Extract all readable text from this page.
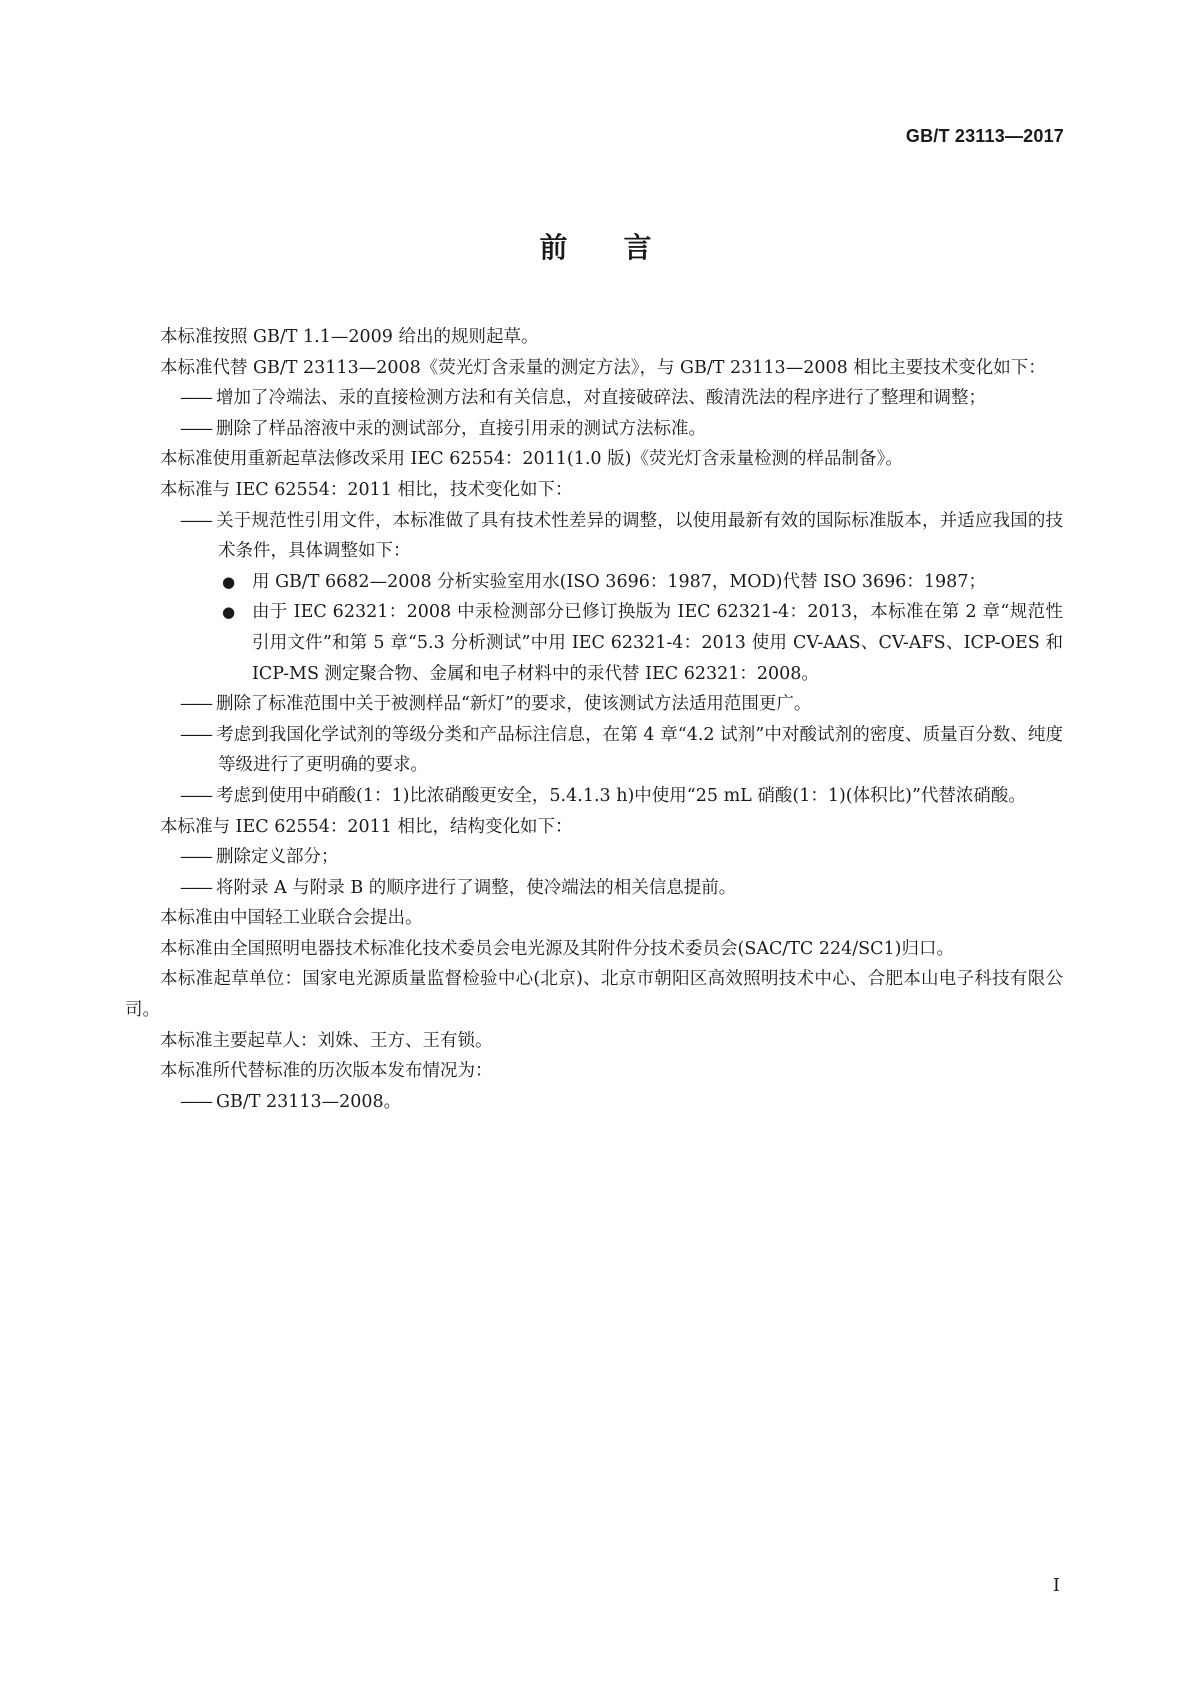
GB/T 23113—2017
前 言

本标准按照 GB/T 1.1—2009 给出的规则起草。

本标准代替 GB/T 23113—2008《荧光灯含汞量的测定方法》，与 GB/T 23113—2008 相比主要技术变化如下：

——增加了冷端法、汞的直接检测方法和有关信息，对直接破碎法、酸清洗法的程序进行了整理和调整；

——删除了样品溶液中汞的测试部分，直接引用汞的测试方法标准。

本标准使用重新起草法修改采用 IEC 62554：2011(1.0 版)《荧光灯含汞量检测的样品制备》。

本标准与 IEC 62554：2011 相比，技术变化如下：

——关于规范性引用文件，本标准做了具有技术性差异的调整，以使用最新有效的国际标准版本，并适应我国的技术条件，具体调整如下：

● 用 GB/T 6682—2008 分析实验室用水(ISO 3696：1987，MOD)代替 ISO 3696：1987；

● 由于 IEC 62321：2008 中汞检测部分已修订换版为 IEC 62321-4：2013，本标准在第 2 章“规范性引用文件”和第 5 章“5.3 分析测试”中用 IEC 62321-4：2013 使用 CV-AAS、CV-AFS、ICP-OES 和 ICP-MS 测定聚合物、金属和电子材料中的汞代替 IEC 62321：2008。

——删除了标准范围中关于被测样品“新灯”的要求，使该测试方法适用范围更广。

——考虑到我国化学试剂的等级分类和产品标注信息，在第 4 章“4.2 试剂”中对酸试剂的密度、质量百分数、纯度等级进行了更明确的要求。

——考虑到使用中硝酸(1：1)比浓硝酸更安全，5.4.1.3 h)中使用“25 mL 硝酸(1：1)(体积比)”代替浓硝酸。

本标准与 IEC 62554：2011 相比，结构变化如下：

——删除定义部分；

——将附录 A 与附录 B 的顺序进行了调整，使冷端法的相关信息提前。

本标准由中国轻工业联合会提出。

本标准由全国照明电器技术标准化技术委员会电光源及其附件分技术委员会(SAC/TC 224/SC1)归口。

本标准起草单位：国家电光源质量监督检验中心(北京)、北京市朝阳区高效照明技术中心、合肥本山电子科技有限公司。

本标准主要起草人：刘姝、王方、王有锁。

本标准所代替标准的历次版本发布情况为：

——GB/T 23113—2008。

I
